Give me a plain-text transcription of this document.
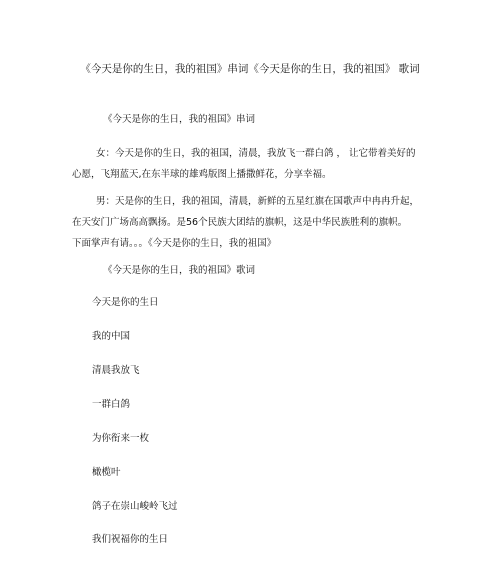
《今天是你的生日，我的祖国》串词《今天是你的生日，我的祖国》 歌词
《今天是你的生日，我的祖国》串词
女：今天是你的生日，我的祖国，清晨，我放飞一群白鸽 ， 让它带着美好的
心愿，飞翔蓝天,在东半球的雄鸡版图上播撒鲜花，分享幸福。
男：天是你的生日，我的祖国，清晨，新鲜的五星红旗在国歌声中冉冉升起，
在天安门广场高高飘扬。是56个民族大团结的旗帜，这是中华民族胜利的旗帜。
下面掌声有请。。。《今天是你的生日，我的祖国》
《今天是你的生日，我的祖国》歌词
今天是你的生日
我的中国
清晨我放飞
一群白鸽
为你衔来一枚
橄榄叶
鸽子在崇山峻岭飞过
我们祝福你的生日
